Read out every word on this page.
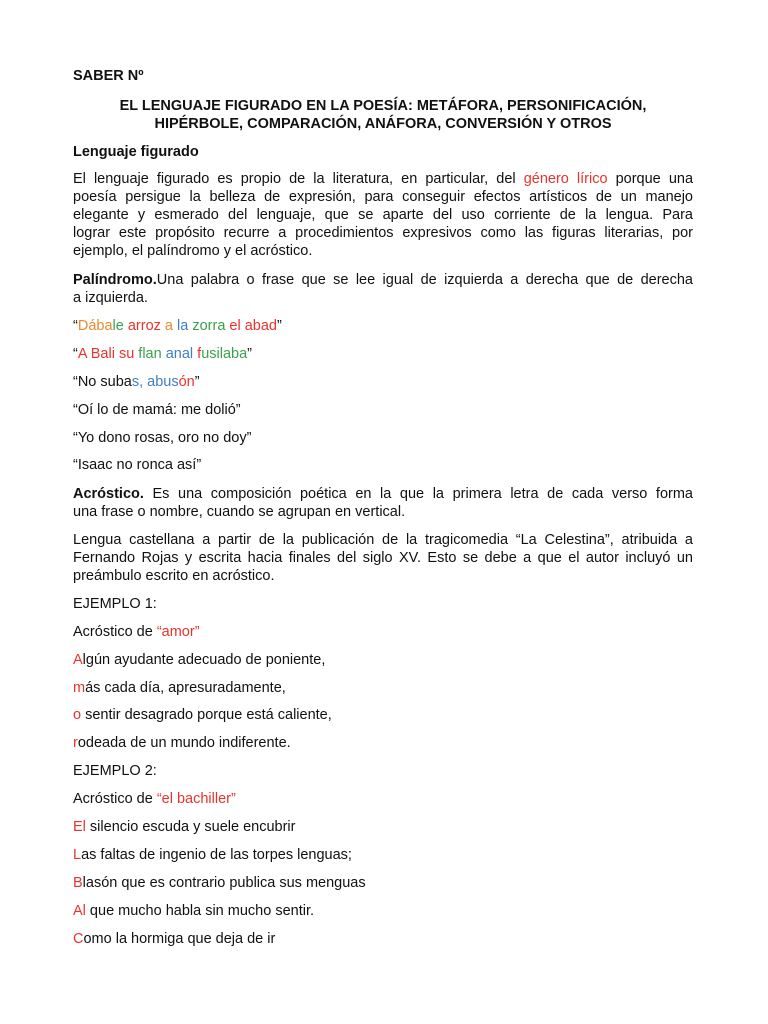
SABER Nº
EL LENGUAJE FIGURADO EN LA POESÍA: METÁFORA, PERSONIFICACIÓN,
HIPÉRBOLE, COMPARACIÓN, ANÁFORA, CONVERSIÓN Y OTROS
Lenguaje figurado
El lenguaje figurado es propio de la literatura, en particular, del género lírico porque una
poesía persigue la belleza de expresión, para conseguir efectos artísticos de un manejo
elegante y esmerado del lenguaje, que se aparte del uso corriente de la lengua. Para
lograr este propósito recurre a procedimientos expresivos como las figuras literarias, por
ejemplo, el palíndromo y el acróstico.
Palíndromo.Una palabra o frase que se lee igual de izquierda a derecha que de derecha
a izquierda.
“Dábale arroz a la zorra el abad”
“A Bali su flan anal fusilaba”
“No subas, abusón”
“Oí lo de mamá: me dolió”
“Yo dono rosas, oro no doy”
“Isaac no ronca así”
Acróstico. Es una composición poética en la que la primera letra de cada verso forma
una frase o nombre, cuando se agrupan en vertical.
Lengua castellana a partir de la publicación de la tragicomedia “La Celestina”, atribuida a
Fernando Rojas y escrita hacia finales del siglo XV. Esto se debe a que el autor incluyó un
preámbulo escrito en acróstico.
EJEMPLO 1:
Acróstico de “amor”
Algún ayudante adecuado de poniente,
más cada día, apresuradamente,
o sentir desagrado porque está caliente,
rodeada de un mundo indiferente.
EJEMPLO 2:
Acróstico de “el bachiller”
El silencio escuda y suele encubrir
Las faltas de ingenio de las torpes lenguas;
Blasón que es contrario publica sus menguas
Al que mucho habla sin mucho sentir.
Como la hormiga que deja de ir
